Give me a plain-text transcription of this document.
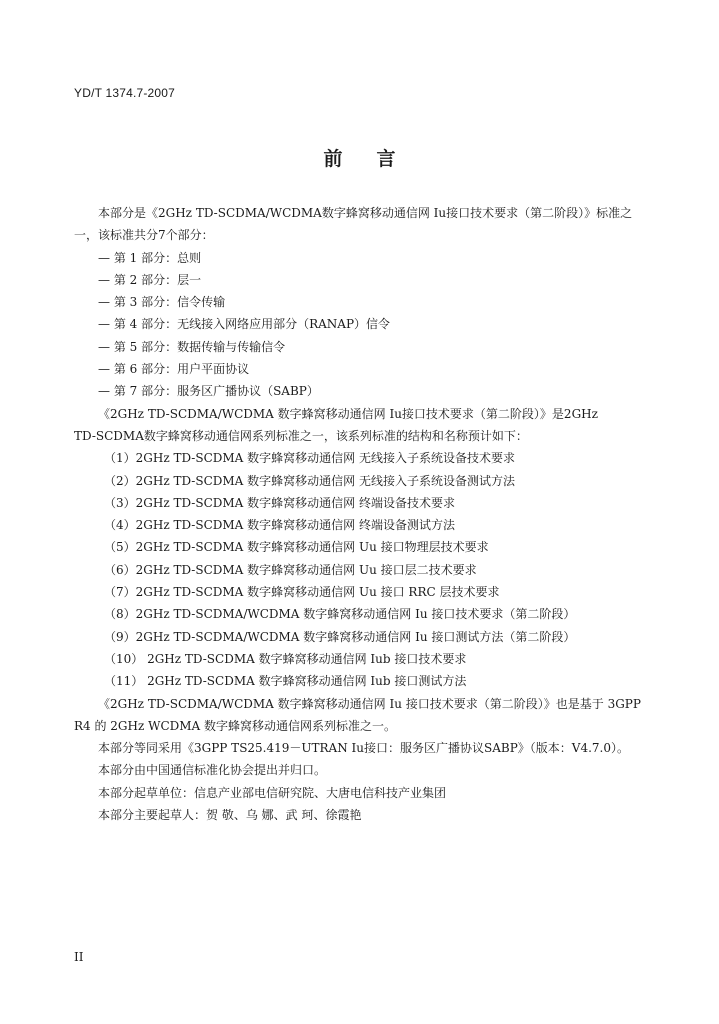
YD/T 1374.7-2007
前言
本部分是《2GHz TD-SCDMA/WCDMA数字蜂窝移动通信网 Iu接口技术要求（第二阶段）》标准之
一，该标准共分7个部分：
— 第 1 部分：总则
— 第 2 部分：层一
— 第 3 部分：信令传输
— 第 4 部分：无线接入网络应用部分（RANAP）信令
— 第 5 部分：数据传输与传输信令
— 第 6 部分：用户平面协议
— 第 7 部分：服务区广播协议（SABP）
《2GHz TD-SCDMA/WCDMA 数字蜂窝移动通信网 Iu接口技术要求（第二阶段）》是2GHz
TD-SCDMA数字蜂窝移动通信网系列标准之一，该系列标准的结构和名称预计如下：
（1）2GHz TD-SCDMA 数字蜂窝移动通信网 无线接入子系统设备技术要求
（2）2GHz TD-SCDMA 数字蜂窝移动通信网 无线接入子系统设备测试方法
（3）2GHz TD-SCDMA 数字蜂窝移动通信网 终端设备技术要求
（4）2GHz TD-SCDMA 数字蜂窝移动通信网 终端设备测试方法
（5）2GHz TD-SCDMA 数字蜂窝移动通信网 Uu 接口物理层技术要求
（6）2GHz TD-SCDMA 数字蜂窝移动通信网 Uu 接口层二技术要求
（7）2GHz TD-SCDMA 数字蜂窝移动通信网 Uu 接口 RRC 层技术要求
（8）2GHz TD-SCDMA/WCDMA 数字蜂窝移动通信网 Iu 接口技术要求（第二阶段）
（9）2GHz TD-SCDMA/WCDMA 数字蜂窝移动通信网 Iu 接口测试方法（第二阶段）
（10） 2GHz TD-SCDMA 数字蜂窝移动通信网 Iub 接口技术要求
（11） 2GHz TD-SCDMA 数字蜂窝移动通信网 Iub 接口测试方法
《2GHz TD-SCDMA/WCDMA 数字蜂窝移动通信网 Iu 接口技术要求（第二阶段）》也是基于 3GPP
R4 的 2GHz WCDMA 数字蜂窝移动通信网系列标准之一。
本部分等同采用《3GPP TS25.419－UTRAN Iu接口：服务区广播协议SABP》（版本：V4.7.0）。
本部分由中国通信标准化协会提出并归口。
本部分起草单位：信息产业部电信研究院、大唐电信科技产业集团
本部分主要起草人：贺 敬、乌 娜、武 珂、徐霞艳
II
